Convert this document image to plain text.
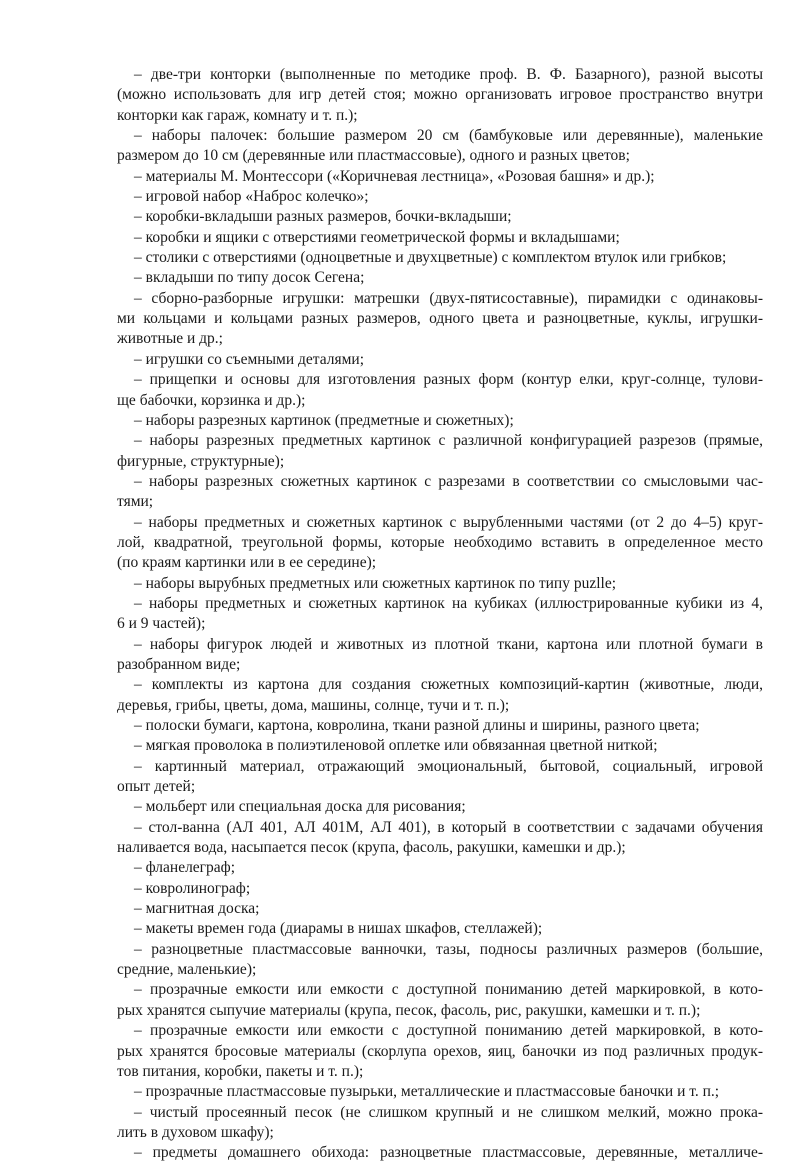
– две-три конторки (выполненные по методике проф. В. Ф. Базарного), разной высоты
(можно использовать для игр детей стоя; можно организовать игровое пространство внутри
конторки как гараж, комнату и т. п.);
– наборы палочек: большие размером 20 см (бамбуковые или деревянные), маленькие
размером до 10 см (деревянные или пластмассовые), одного и разных цветов;
– материалы М. Монтессори («Коричневая лестница», «Розовая башня» и др.);
– игровой набор «Наброс колечко»;
– коробки-вкладыши разных размеров, бочки-вкладыши;
– коробки и ящики с отверстиями геометрической формы и вкладышами;
– столики с отверстиями (одноцветные и двухцветные) с комплектом втулок или грибков;
– вкладыши по типу досок Сегена;
– сборно-разборные игрушки: матрешки (двух-пятисоставные), пирамидки с одинаковы-
ми кольцами и кольцами разных размеров, одного цвета и разноцветные, куклы, игрушки-
животные и др.;
– игрушки со съемными деталями;
– прищепки и основы для изготовления разных форм (контур елки, круг-солнце, тулови-
ще бабочки, корзинка и др.);
– наборы разрезных картинок (предметные и сюжетных);
– наборы разрезных предметных картинок с различной конфигурацией разрезов (прямые,
фигурные, структурные);
– наборы разрезных сюжетных картинок с разрезами в соответствии со смысловыми час-
тями;
– наборы предметных и сюжетных картинок с вырубленными частями (от 2 до 4–5) круг-
лой, квадратной, треугольной формы, которые необходимо вставить в определенное место
(по краям картинки или в ее середине);
– наборы вырубных предметных или сюжетных картинок по типу puzlle;
– наборы предметных и сюжетных картинок на кубиках (иллюстрированные кубики из 4,
6 и 9 частей);
– наборы фигурок людей и животных из плотной ткани, картона или плотной бумаги в
разобранном виде;
– комплекты из картона для создания сюжетных композиций-картин (животные, люди,
деревья, грибы, цветы, дома, машины, солнце, тучи и т. п.);
– полоски бумаги, картона, ковролина, ткани разной длины и ширины, разного цвета;
– мягкая проволока в полиэтиленовой оплетке или обвязанная цветной ниткой;
– картинный материал, отражающий эмоциональный, бытовой, социальный, игровой
опыт детей;
– мольберт или специальная доска для рисования;
– стол-ванна (АЛ 401, АЛ 401М, АЛ 401), в который в соответствии с задачами обучения
наливается вода, насыпается песок (крупа, фасоль, ракушки, камешки и др.);
– фланелеграф;
– ковролинограф;
– магнитная доска;
– макеты времен года (диарамы в нишах шкафов, стеллажей);
– разноцветные пластмассовые ванночки, тазы, подносы различных размеров (большие,
средние, маленькие);
– прозрачные емкости или емкости с доступной пониманию детей маркировкой, в кото-
рых хранятся сыпучие материалы (крупа, песок, фасоль, рис, ракушки, камешки и т. п.);
– прозрачные емкости или емкости с доступной пониманию детей маркировкой, в кото-
рых хранятся бросовые материалы (скорлупа орехов, яиц, баночки из под различных продук-
тов питания, коробки, пакеты и т. п.);
– прозрачные пластмассовые пузырьки, металлические и пластмассовые баночки и т. п.;
– чистый просеянный песок (не слишком крупный и не слишком мелкий, можно прока-
лить в духовом шкафу);
– предметы домашнего обихода: разноцветные пластмассовые, деревянные, металличе-
